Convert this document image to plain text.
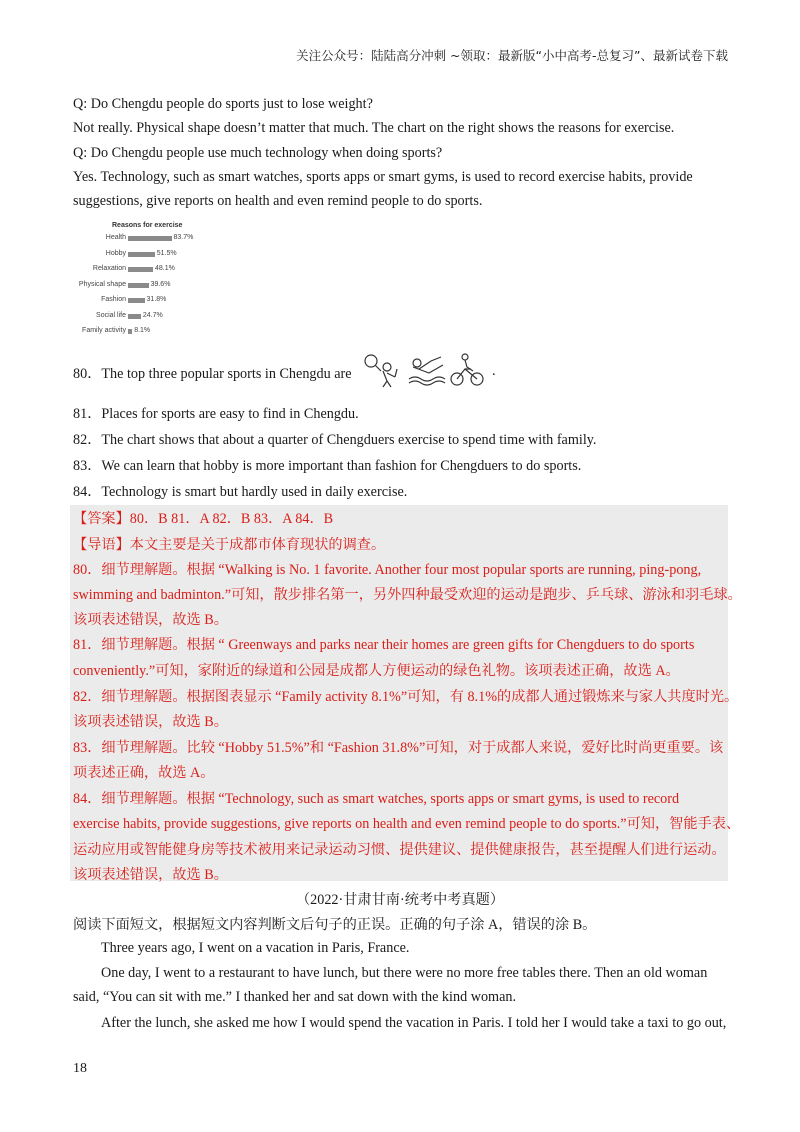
关注公众号：陆陆高分冲刺 ~领取：最新版“小中高考-总复习”、最新试卷下载
Q: Do Chengdu people do sports just to lose weight?
Not really. Physical shape doesn’t matter that much. The chart on the right shows the reasons for exercise.
Q: Do Chengdu people use much technology when doing sports?
Yes. Technology, such as smart watches, sports apps or smart gyms, is used to record exercise habits, provide
suggestions, give reports on health and even remind people to do sports.
Reasons for exercise
Health	83.7%
Hobby	51.5%
Relaxation	48.1%
Physical shape	39.6%
Fashion	31.8%
Social life 24.7%
Family activity 8.1%
80．The top three popular sports in Chengdu are	.
81．Places for sports are easy to find in Chengdu.
82．The chart shows that about a quarter of Chengduers exercise to spend time with family.
83．We can learn that hobby is more important than fashion for Chengduers to do sports.
84．Technology is smart but hardly used in daily exercise.
【答案】80．B 81．A 82．B 83．A 84．B
【导语】本文主要是关于成都市体育现状的调查。
80．细节理解题。根据 “Walking is No. 1 favorite. Another four most popular sports are running, ping-pong,
swimming and badminton.”可知，散步排名第一，另外四种最受欢迎的运动是跑步、乒乓球、游泳和羽毛球。
该项表述错误，故选 B。
81．细节理解题。根据 “ Greenways and parks near their homes are green gifts for Chengduers to do sports
conveniently.”可知，家附近的绿道和公园是成都人方便运动的绿色礼物。该项表述正确，故选 A。
82．细节理解题。根据图表显示 “Family activity 8.1%”可知，有 8.1%的成都人通过锻炼来与家人共度时光。
该项表述错误，故选 B。
83．细节理解题。比较 “Hobby 51.5%”和 “Fashion 31.8%”可知，对于成都人来说，爱好比时尚更重要。该
项表述正确，故选 A。
84．细节理解题。根据 “Technology, such as smart watches, sports apps or smart gyms, is used to record
exercise habits, provide suggestions, give reports on health and even remind people to do sports.”可知，智能手表、
运动应用或智能健身房等技术被用来记录运动习惯、提供建议、提供健康报告，甚至提醒人们进行运动。
该项表述错误，故选 B。
（2022·甘肃甘南·统考中考真题）
阅读下面短文，根据短文内容判断文后句子的正误。正确的句子涂 A，错误的涂 B。
Three years ago, I went on a vacation in Paris, France.
One day, I went to a restaurant to have lunch, but there were no more free tables there. Then an old woman
said, “You can sit with me.” I thanked her and sat down with the kind woman.
After the lunch, she asked me how I would spend the vacation in Paris. I told her I would take a taxi to go out,
18
